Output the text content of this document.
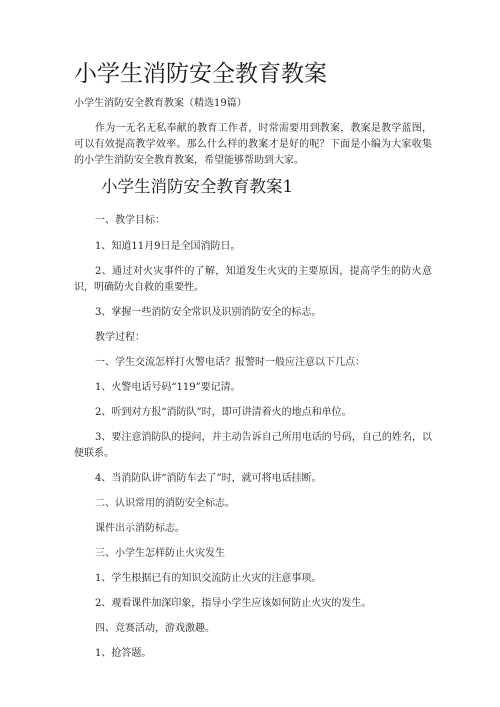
小学生消防安全教育教案
小学生消防安全教育教案（精选19篇）
作为一无名无私奉献的教育工作者，时常需要用到教案，教案是教学蓝图，可以有效提高教学效率。那么什么样的教案才是好的呢？下面是小编为大家收集的小学生消防安全教育教案，希望能够帮助到大家。
小学生消防安全教育教案1
一、教学目标：
1、知道11月9日是全国消防日。
2、通过对火灾事件的了解，知道发生火灾的主要原因，提高学生的防火意识，明确防火自救的重要性。
3、掌握一些消防安全常识及识别消防安全的标志。
教学过程：
一、学生交流怎样打火警电话？报警时一般应注意以下几点：
1、火警电话号码“119”要记清。
2、听到对方报“消防队”时，即可讲清着火的地点和单位。
3、要注意消防队的提问，并主动告诉自己所用电话的号码，自己的姓名，以便联系。
4、当消防队讲“消防车去了”时，就可将电话挂断。
二、认识常用的消防安全标志。
课件出示消防标志。
三、小学生怎样防止火灾发生
1、学生根据已有的知识交流防止火灾的注意事项。
2、观看课件加深印象，指导小学生应该如何防止火灾的发生。
四、竞赛活动，游戏激趣。
1、抢答题。
